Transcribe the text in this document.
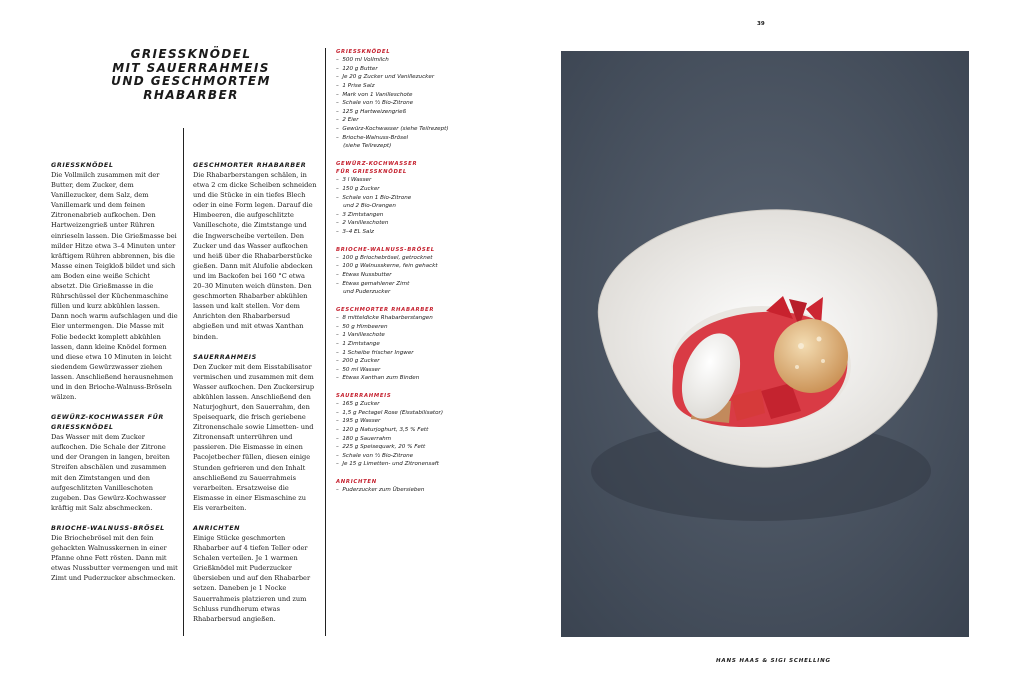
39
GRIESSKNÖDEL
MIT SAUERRAHMEIS
UND GESCHMORTEM
RHABARBER
GRIESSKNÖDEL

Die Vollmilch zusammen mit der Butter, dem Zucker, dem Vanillezucker, dem Salz, dem Vanillemark und dem feinen Zitronenabrieb aufkochen. Den Hartweizengrieß unter Rühren einrieseln lassen. Die Grießmasse bei milder Hitze etwa 3–4 Minuten unter kräftigem Rühren abbrennen, bis die Masse einen Teigkloß bildet und sich am Boden eine weiße Schicht absetzt. Die Grießmasse in die Rührschüssel der Küchenmaschine füllen und kurz abkühlen lassen. Dann noch warm aufschlagen und die Eier untermengen. Die Masse mit Folie bedeckt komplett abkühlen lassen, dann kleine Knödel formen und diese etwa 10 Minuten in leicht siedendem Gewürzwasser ziehen lassen. Anschließend herausnehmen und in den Brioche-Walnuss-Bröseln wälzen.

GEWÜRZ-KOCHWASSER FÜR GRIESSKNÖDEL

Das Wasser mit dem Zucker aufkochen. Die Schale der Zitrone und der Orangen in langen, breiten Streifen abschälen und zusammen mit den Zimtstangen und den aufgeschlitzten Vanilleschoten zugeben. Das Gewürz-Kochwasser kräftig mit Salz abschmecken.

BRIOCHE-WALNUSS-BRÖSEL

Die Briochebrösel mit den fein gehackten Walnusskernen in einer Pfanne ohne Fett rösten. Dann mit etwas Nussbutter vermengen und mit Zimt und Puderzucker abschmecken.

GESCHMORTER RHABARBER

Die Rhabarberstangen schälen, in etwa 2 cm dicke Scheiben schneiden und die Stücke in ein tiefes Blech oder in eine Form legen. Darauf die Himbeeren, die aufgeschlitzte Vanilleschote, die Zimtstange und die Ingwerscheibe verteilen. Den Zucker und das Wasser aufkochen und heiß über die Rhabarberstücke gießen. Dann mit Alufolie abdecken und im Backofen bei 160 °C etwa 20–30 Minuten weich dünsten. Den geschmorten Rhabarber abkühlen lassen und kalt stellen. Vor dem Anrichten den Rhabarbersud abgießen und mit etwas Xanthan binden.

SAUERRAHMEIS

Den Zucker mit dem Eisstabilisator vermischen und zusammen mit dem Wasser aufkochen. Den Zuckersirup abkühlen lassen. Anschließend den Naturjoghurt, den Sauerrahm, den Speisequark, die frisch geriebene Zitronenschale sowie Limetten- und Zitronensaft unterrühren und passieren. Die Eismasse in einen Pacojetbecher füllen, diesen einige Stunden gefrieren und den Inhalt anschließend zu Sauerrahmeis verarbeiten. Ersatzweise die Eismasse in einer Eismaschine zu Eis verarbeiten.

ANRICHTEN

Einige Stücke geschmorten Rhabarber auf 4 tiefen Teller oder Schalen verteilen. Je 1 warmen Grießknödel mit Puderzucker übersieben und auf den Rhabarber setzen. Daneben je 1 Nocke Sauerrahmeis platzieren und zum Schluss rundherum etwas Rhabarbersud angießen.

GRIESSKNÖDEL
–  500 ml Vollmilch
–  120 g Butter
–  Je 20 g Zucker und Vanillezucker
–  1 Prise Salz
–  Mark von 1 Vanilleschote
–  Schale von ½ Bio-Zitrone
–  125 g Hartweizengrieß
–  2 Eier
–  Gewürz-Kochwasser (siehe Teilrezept)
–  Brioche-Walnuss-Brösel
(siehe Teilrezept)
GEWÜRZ-KOCHWASSER
FÜR GRIESSKNÖDEL
–  3 l Wasser
–  150 g Zucker
–  Schale von 1 Bio-Zitrone
und 2 Bio-Orangen
–  3 Zimtstangen
–  2 Vanilleschoten
–  3–4 EL Salz
BRIOCHE-WALNUSS-BRÖSEL
–  100 g Briochebrösel, getrocknet
–  100 g Walnusskerne, fein gehackt
–  Etwas Nussbutter
–  Etwas gemahlener Zimt
und Puderzucker
GESCHMORTER RHABARBER
–  8 mitteldicke Rhabarberstangen
–  50 g Himbeeren
–  1 Vanilleschote
–  1 Zimtstange
–  1 Scheibe frischer Ingwer
–  200 g Zucker
–  50 ml Wasser
–  Etwas Xanthan zum Binden
SAUERRAHMEIS
–  165 g Zucker
–  1,5 g Pectagel Rose (Eisstabilisator)
–  195 g Wasser
–  120 g Naturjoghurt, 3,5 % Fett
–  180 g Sauerrahm
–  225 g Speisequark, 20 % Fett
–  Schale von ½ Bio-Zitrone
–  Je 15 g Limetten- und Zitronensaft
ANRICHTEN
–  Puderzucker zum Übersieben
HANS HAAS & SIGI SCHELLING
